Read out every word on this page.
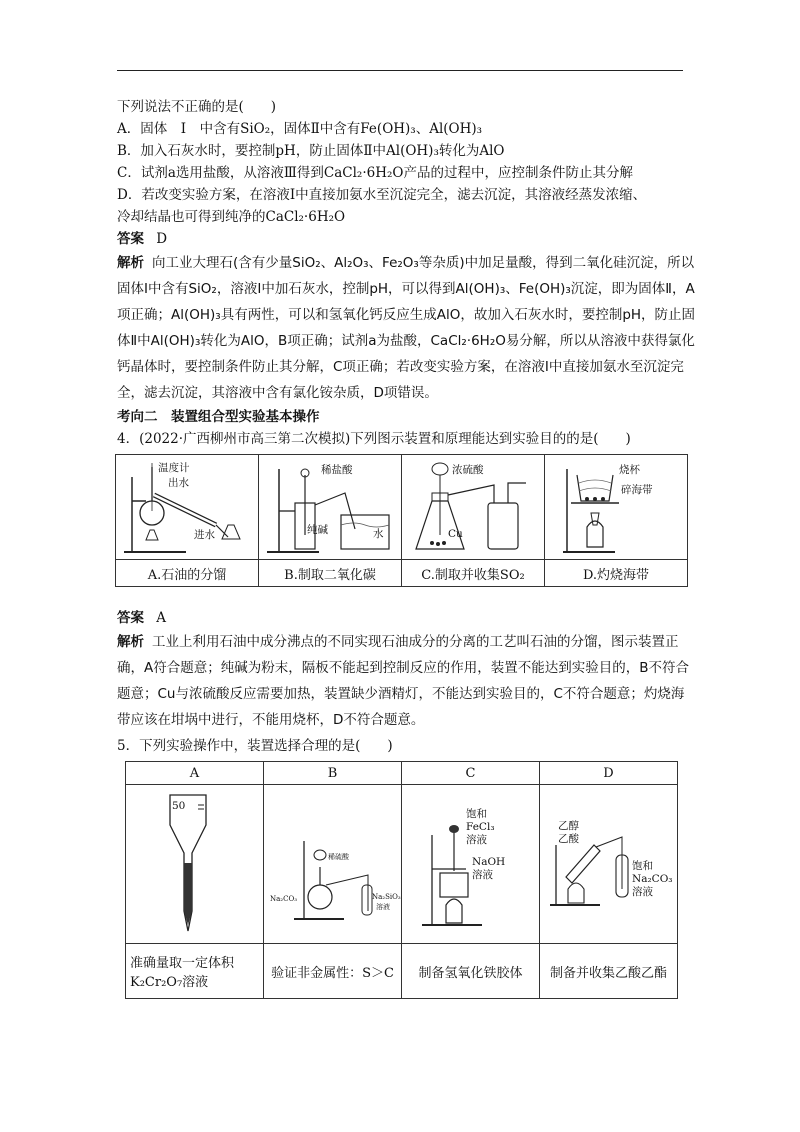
下列说法不正确的是(　　)
A．固体　Ⅰ　中含有SiO₂，固体Ⅱ中含有Fe(OH)₃、Al(OH)₃
B．加入石灰水时，要控制pH，防止固体Ⅱ中Al(OH)₃转化为AlO
C．试剂a选用盐酸，从溶液Ⅲ得到CaCl₂·6H₂O产品的过程中，应控制条件防止其分解
D．若改变实验方案，在溶液Ⅰ中直接加氨水至沉淀完全，滤去沉淀，其溶液经蒸发浓缩、
冷却结晶也可得到纯净的CaCl₂·6H₂O
答案 D
解析 向工业大理石(含有少量SiO₂、Al₂O₃、Fe₂O₃等杂质)中加足量酸，得到二氧化硅沉淀，所以固体Ⅰ中含有SiO₂，溶液Ⅰ中加石灰水，控制pH，可以得到Al(OH)₃、Fe(OH)₃沉淀，即为固体Ⅱ，A项正确；Al(OH)₃具有两性，可以和氢氧化钙反应生成AlO，故加入石灰水时，要控制pH，防止固体Ⅱ中Al(OH)₃转化为AlO，B项正确；试剂a为盐酸，CaCl₂·6H₂O易分解，所以从溶液中获得氯化钙晶体时，要控制条件防止其分解，C项正确；若改变实验方案，在溶液Ⅰ中直接加氨水至沉淀完全，滤去沉淀，其溶液中含有氯化铵杂质，D项错误。
考向二　装置组合型实验基本操作
4．(2022·广西柳州市高三第二次模拟)下列图示装置和原理能达到实验目的的是(　　)
温度计
出水
进水	稀盐酸
纯碱 水	浓硫酸
Cu	烧杯
碎海带

A.石油的分馏	B.制取二氧化碳	C.制取并收集SO₂	D.灼烧海带
答案 A
解析 工业上利用石油中成分沸点的不同实现石油成分的分离的工艺叫石油的分馏，图示装置正确，A符合题意；纯碱为粉末，隔板不能起到控制反应的作用，装置不能达到实验目的，B不符合题意；Cu与浓硫酸反应需要加热，装置缺少酒精灯，不能达到实验目的，C不符合题意；灼烧海带应该在坩埚中进行，不能用烧杯，D不符合题意。
5．下列实验操作中，装置选择合理的是(　　)
A	B	C	D

50	稀硫酸
Na₂CO₃ Na₂SiO₃
溶液	饱和
FeCl₃
溶液
NaOH
溶液	乙醇
乙酸
饱和
Na₂CO₃
溶液

准确量取一定体积K₂Cr₂O₇溶液	验证非金属性：S＞C	制备氢氧化铁胶体	制备并收集乙酸乙酯
